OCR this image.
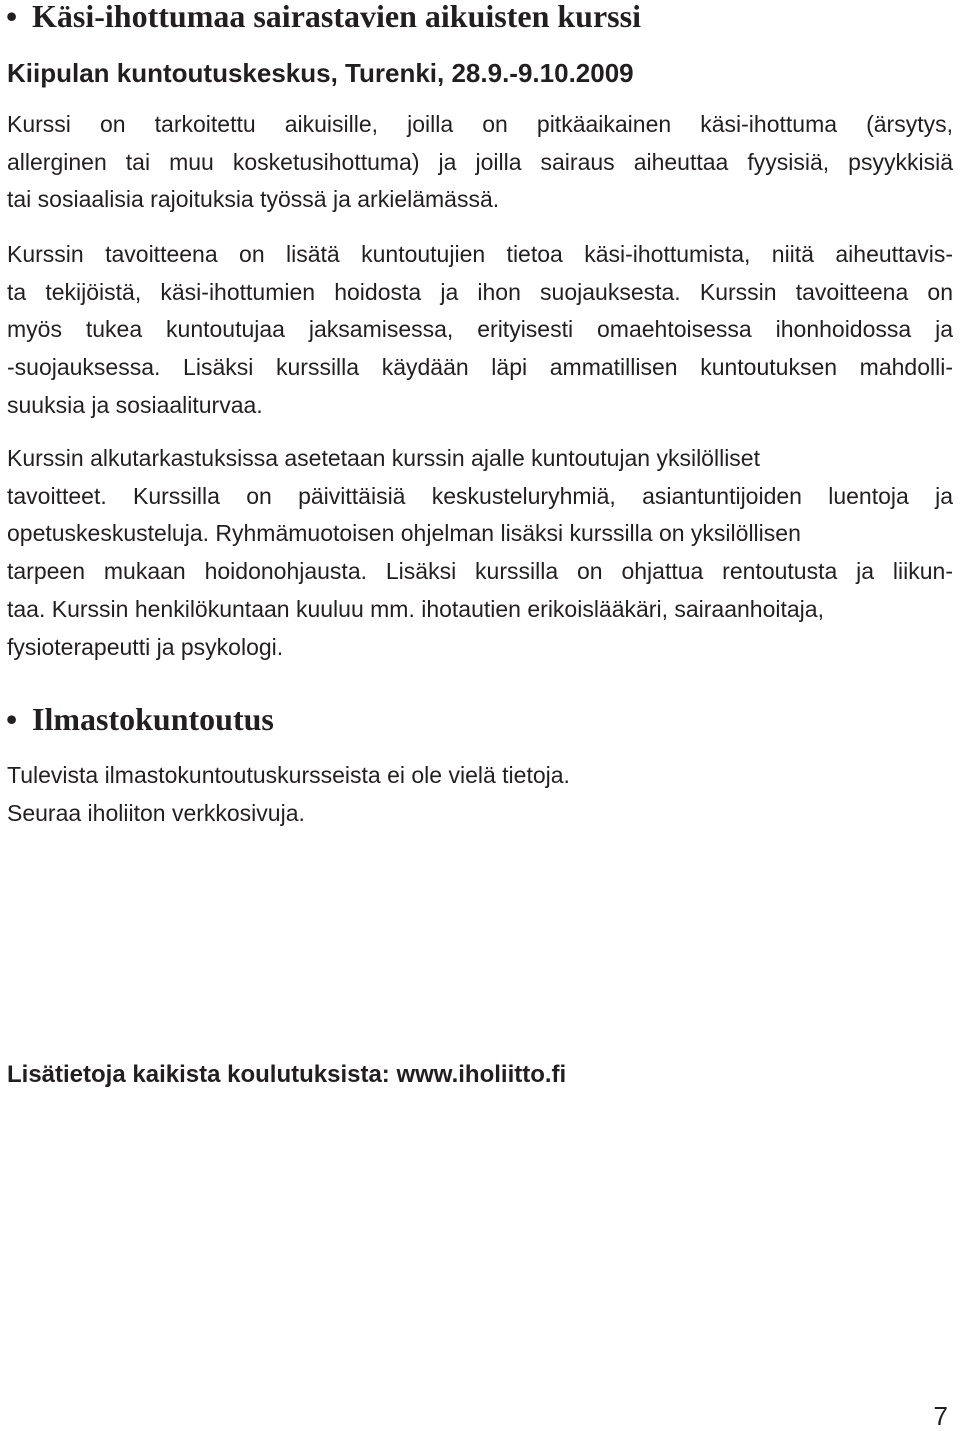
• Käsi-ihottumaa sairastavien aikuisten kurssi
Kiipulan kuntoutuskeskus, Turenki, 28.9.-9.10.2009

Kurssi on tarkoitettu aikuisille, joilla on pitkäaikainen käsi-ihottuma (ärsytys,
allerginen tai muu kosketusihottuma) ja joilla sairaus aiheuttaa fyysisiä, psyykkisiä
tai sosiaalisia rajoituksia työssä ja arkielämässä.

Kurssin tavoitteena on lisätä kuntoutujien tietoa käsi-ihottumista, niitä aiheuttavis-
ta tekijöistä, käsi-ihottumien hoidosta ja ihon suojauksesta. Kurssin tavoitteena on
myös tukea kuntoutujaa jaksamisessa, erityisesti omaehtoisessa ihonhoidossa ja
-suojauksessa. Lisäksi kurssilla käydään läpi ammatillisen kuntoutuksen mahdolli-
suuksia ja sosiaaliturvaa.

Kurssin alkutarkastuksissa asetetaan kurssin ajalle kuntoutujan yksilölliset
tavoitteet. Kurssilla on päivittäisiä keskusteluryhmiä, asiantuntijoiden luentoja ja
opetuskeskusteluja. Ryhmämuotoisen ohjelman lisäksi kurssilla on yksilöllisen
tarpeen mukaan hoidonohjausta. Lisäksi kurssilla on ohjattua rentoutusta ja liikun-
taa. Kurssin henkilökuntaan kuuluu mm. ihotautien erikoislääkäri, sairaanhoitaja,
fysioterapeutti ja psykologi.

• Ilmastokuntoutus

Tulevista ilmastokuntoutuskursseista ei ole vielä tietoja.
Seuraa iholiiton verkkosivuja.

Lisätietoja kaikista koulutuksista: www.iholiitto.fi

7
